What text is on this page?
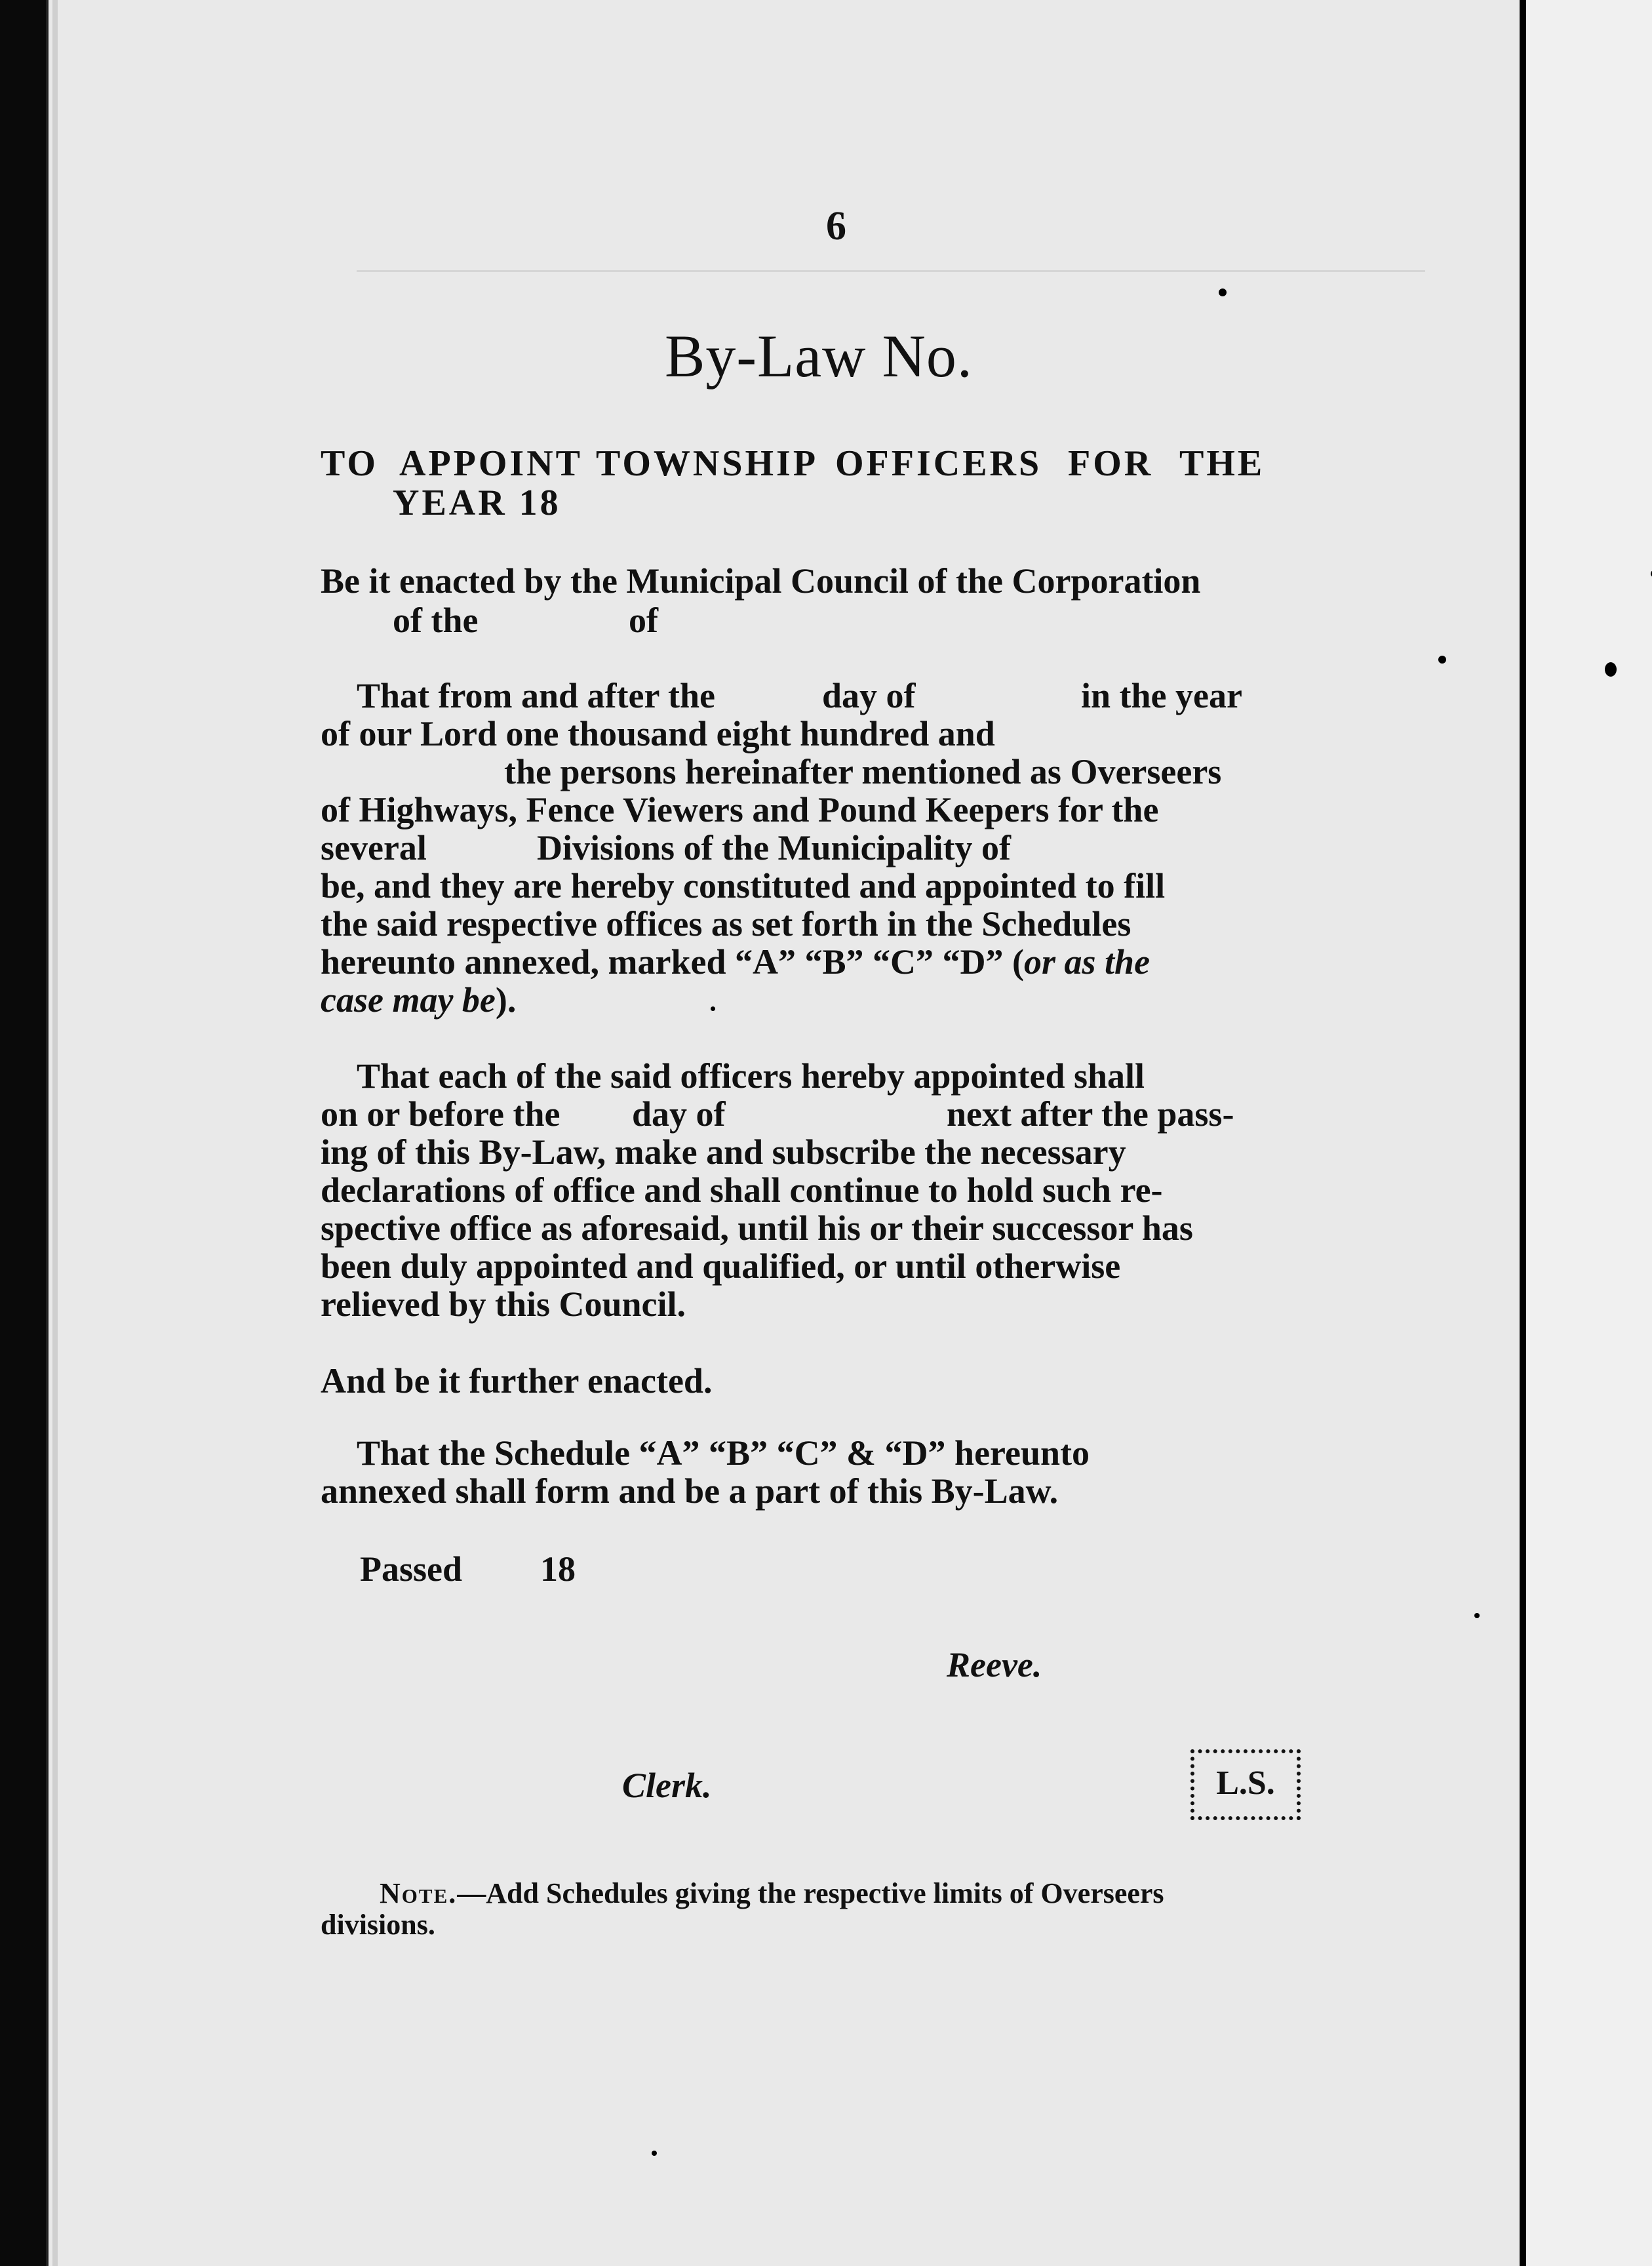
6
By-Law No.
TO APPOINT TOWNSHIP OFFICERS FOR THE
YEAR 18
Be it enacted by the Municipal Council of the Corporation
of the	of
That from and after the	day of	in the year
of our Lord one thousand eight hundred and
the persons hereinafter mentioned as Overseers
of Highways, Fence Viewers and Pound Keepers for the
several	Divisions of the Municipality of
be, and they are hereby constituted and appointed to fill
the said respective offices as set forth in the Schedules
hereunto annexed, marked “A” “B” “C” “D” (or as the
case may be).
That each of the said officers hereby appointed shall
on or before the day of	next after the pass-
ing of this By-Law, make and subscribe the necessary
declarations of office and shall continue to hold such re-
spective office as aforesaid, until his or their successor has
been duly appointed and qualified, or until otherwise
relieved by this Council.
And be it further enacted.
That the Schedule “A” “B” “C” & “D” hereunto
annexed shall form and be a part of this By-Law.
Passed 18
Reeve.
Clerk.	L.S.
Note.—Add Schedules giving the respective limits of Overseers
divisions.
